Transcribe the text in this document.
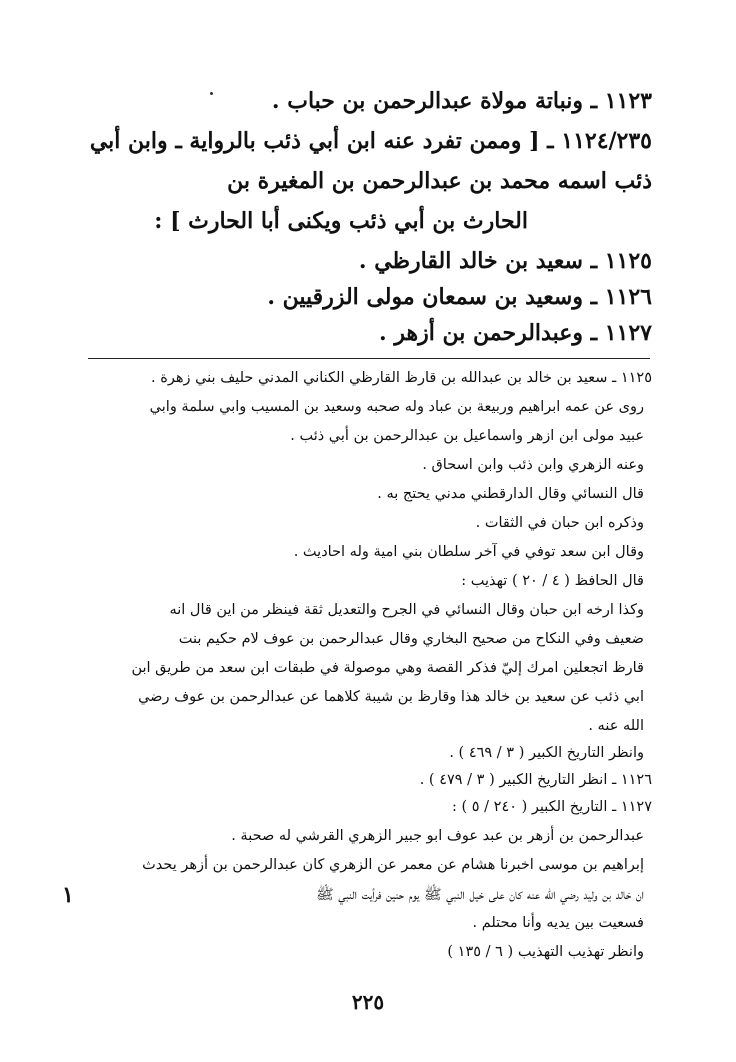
١١٢٣ ـ ونباتة مولاة عبدالرحمن بن حباب .
١١٢٤/٢٣٥ ـ [ وممن تفرد عنه ابن أبي ذئب بالرواية ـ وابن أبي
ذئب اسمه محمد بن عبدالرحمن بن المغيرة بن
الحارث بن أبي ذئب ويكنى أبا الحارث ] :
١١٢٥ ـ سعيد بن خالد القارظي .
١١٢٦ ـ وسعيد بن سمعان مولى الزرقيين .
١١٢٧ ـ وعبدالرحمن بن أزهر .
١١٢٥ ـ سعيد بن خالد بن عبدالله بن قارظ القارظي الكناني المدني حليف بني زهرة .
روى عن عمه ابراهيم وربيعة بن عباد وله صحبه وسعيد بن المسيب وابي سلمة وابي
عبيد مولى ابن ازهر واسماعيل بن عبدالرحمن بن أبي ذئب .
وعنه الزهري وابن ذئب وابن اسحاق .
قال النسائي وقال الدارقطني مدني يحتج به .
وذكره ابن حبان في الثقات .
وقال ابن سعد توفي في آخر سلطان بني امية وله احاديث .
قال الحافظ ( ٤ / ٢٠ ) تهذيب :
وكذا ارخه ابن حبان وقال النسائي في الجرح والتعديل ثقة فينظر من اين قال انه
ضعيف وفي النكاح من صحيح البخاري وقال عبدالرحمن بن عوف لام حكيم بنت
قارظ اتجعلين امرك إليّ فذكر القصة وهي موصولة في طبقات ابن سعد من طريق ابن
ابي ذئب عن سعيد بن خالد هذا وقارظ بن شيبة كلاهما عن عبدالرحمن بن عوف رضي
الله عنه .
وانظر التاريخ الكبير ( ٣ / ٤٦٩ ) .
١١٢٦ ـ انظر التاريخ الكبير ( ٣ / ٤٧٩ ) .
١١٢٧ ـ التاريخ الكبير ( ٢٤٠ / ٥ ) :
عبدالرحمن بن أزهر بن عبد عوف ابو جبير الزهري القرشي له صحبة .
إبراهيم بن موسى اخبرنا هشام عن معمر عن الزهري كان عبدالرحمن بن أزهر يحدث
ان خالد بن وليد رضي الله عنه كان على خيل النبي ﷺ يوم حنين فرأيت النبي ﷺ
فسعيت بين يديه وأنا محتلم .
وانظر تهذيب التهذيب ( ٦ / ١٣٥ )
١
٢٢٥
